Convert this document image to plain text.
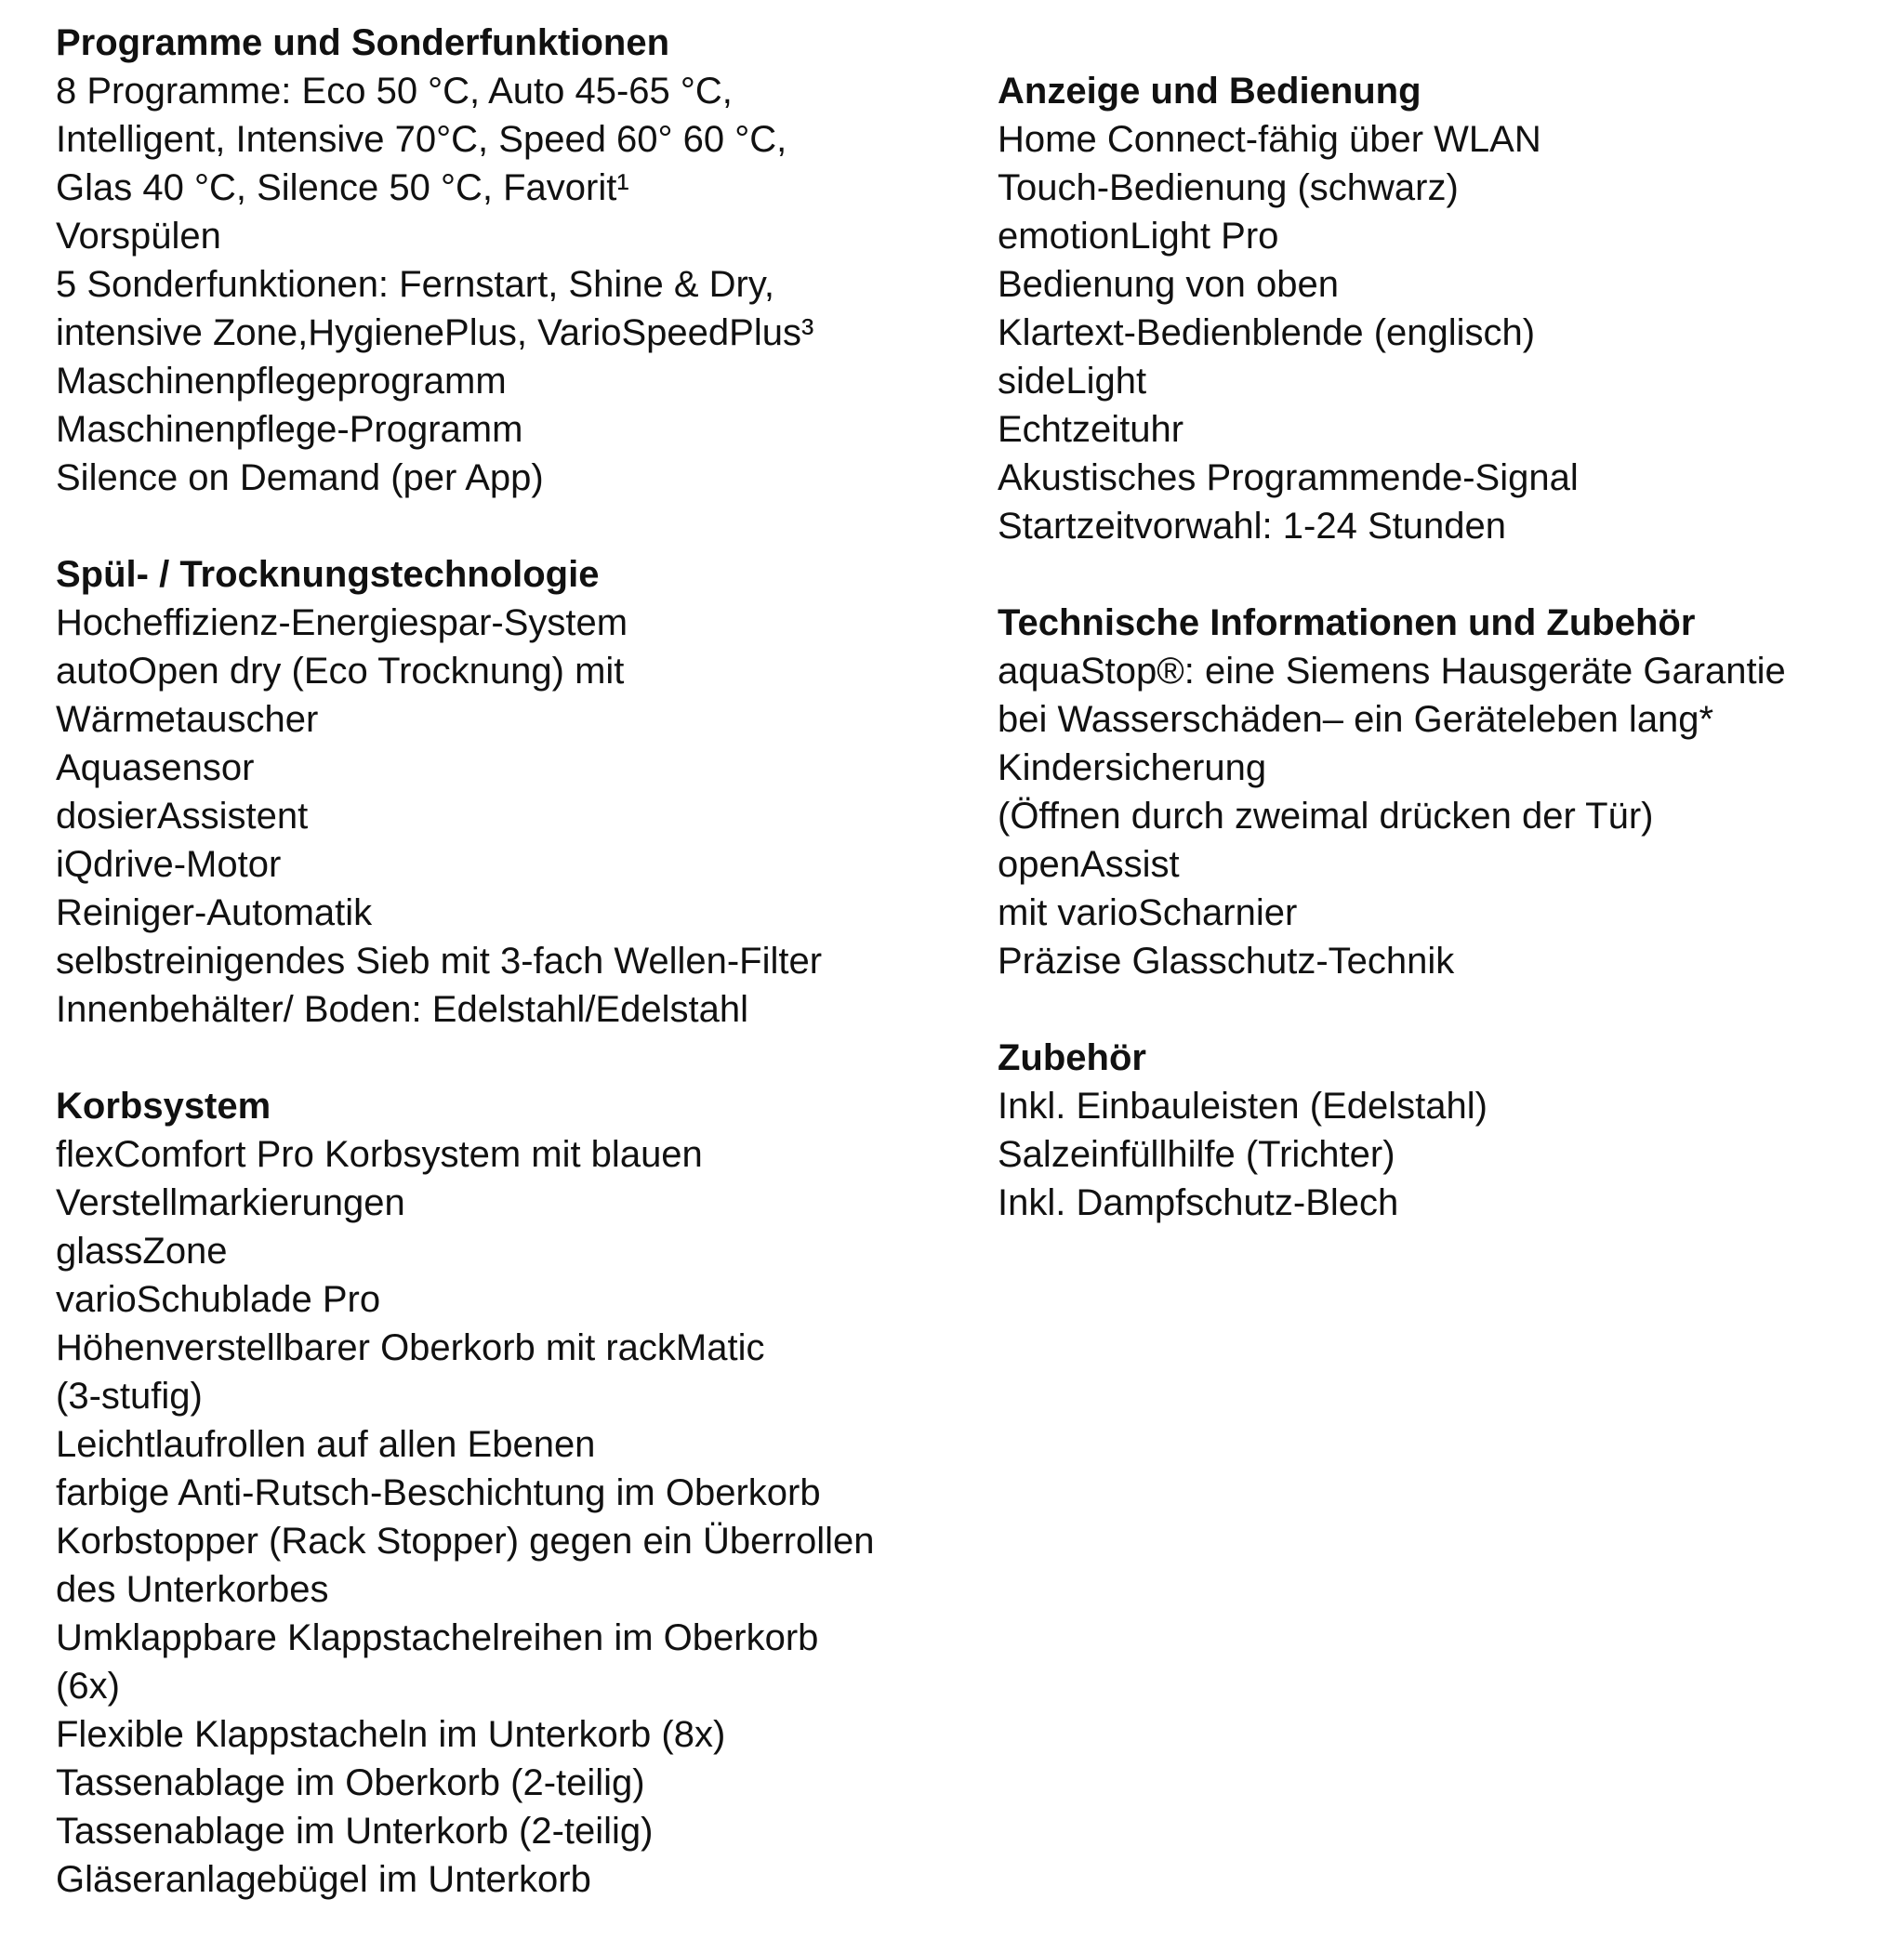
Programme und Sonderfunktionen
8 Programme: Eco 50 °C, Auto 45-65 °C,
Intelligent, Intensive 70°C, Speed 60° 60 °C,
Glas 40 °C, Silence 50 °C, Favorit¹
Vorspülen
5 Sonderfunktionen: Fernstart, Shine & Dry,
intensive Zone,HygienePlus, VarioSpeedPlus³
Maschinenpflegeprogramm
Maschinenpflege-Programm
Silence on Demand (per App)
Spül- / Trocknungstechnologie
Hocheffizienz-Energiespar-System
autoOpen dry (Eco Trocknung) mit
Wärmetauscher
Aquasensor
dosierAssistent
iQdrive-Motor
Reiniger-Automatik
selbstreinigendes Sieb mit 3-fach Wellen-Filter
Innenbehälter/ Boden: Edelstahl/Edelstahl
Korbsystem
flexComfort Pro Korbsystem mit blauen
Verstellmarkierungen
glassZone
varioSchublade Pro
Höhenverstellbarer Oberkorb mit rackMatic
(3-stufig)
Leichtlaufrollen auf allen Ebenen
farbige Anti-Rutsch-Beschichtung im Oberkorb
Korbstopper (Rack Stopper) gegen ein Überrollen
des Unterkorbes
Umklappbare Klappstachelreihen im Oberkorb
(6x)
Flexible Klappstacheln im Unterkorb (8x)
Tassenablage im Oberkorb (2-teilig)
Tassenablage im Unterkorb (2-teilig)
Gläseranlagebügel im Unterkorb
Anzeige und Bedienung
Home Connect-fähig über WLAN
Touch-Bedienung (schwarz)
emotionLight Pro
Bedienung von oben
Klartext-Bedienblende (englisch)
sideLight
Echtzeituhr
Akustisches Programmende-Signal
Startzeitvorwahl: 1-24 Stunden
Technische Informationen und Zubehör
aquaStop®: eine Siemens Hausgeräte Garantie
bei Wasserschäden– ein Geräteleben lang*
Kindersicherung
(Öffnen durch zweimal drücken der Tür)
openAssist
mit varioScharnier
Präzise Glasschutz-Technik
Zubehör
Inkl. Einbauleisten (Edelstahl)
Salzeinfüllhilfe (Trichter)
Inkl. Dampfschutz-Blech
